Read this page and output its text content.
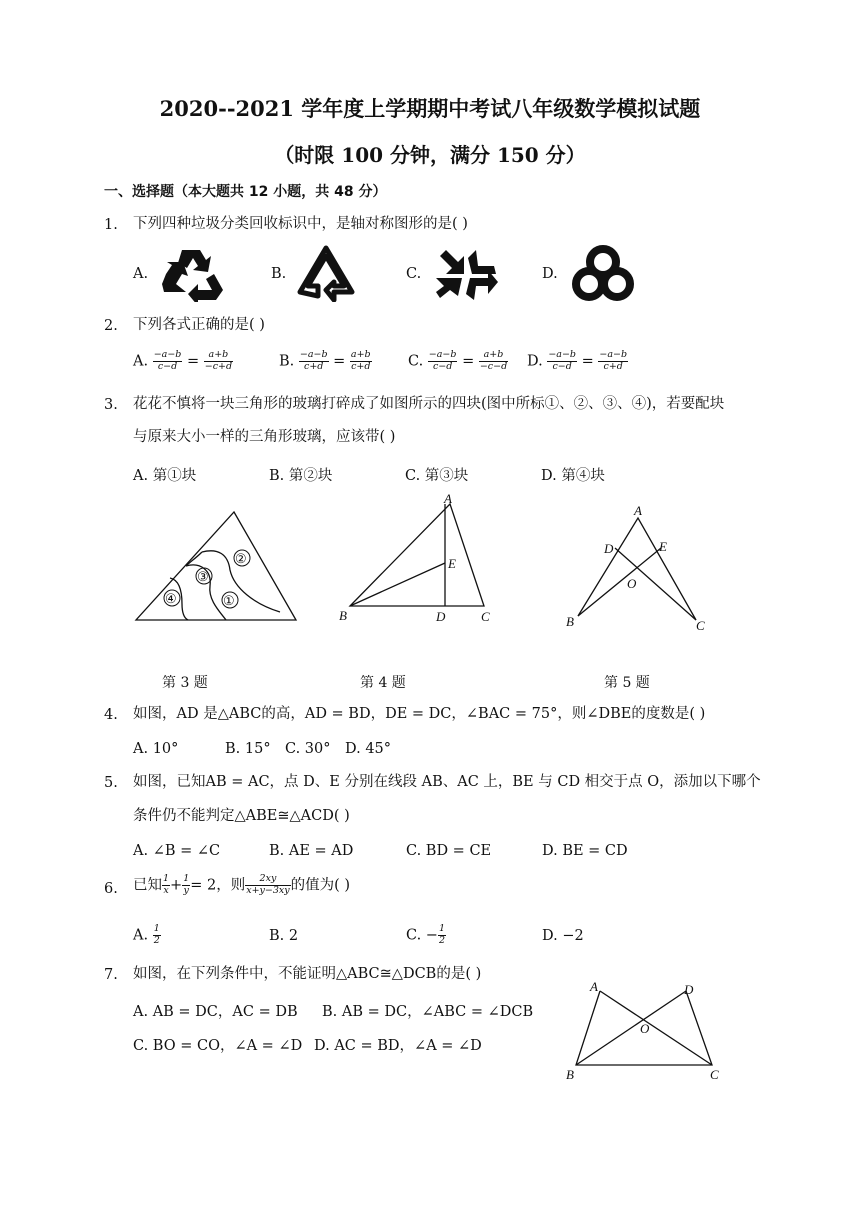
2020--2021 学年度上学期期中考试八年级数学模拟试题
（时限 100 分钟，满分 150 分）
一、选择题（本大题共 12 小题，共 48 分）
1. 下列四种垃圾分类回收标识中，是轴对称图形的是( )
A.	B.	C.	D.
2. 下列各式正确的是( )
A. $\frac{-a-b}{c-d} = \frac{a+b}{-c+d}$	B. $\frac{-a-b}{c+d} = \frac{a+b}{c+d}$	C. $\frac{-a-b}{c-d} = \frac{a+b}{-c-d} D$. $\frac{-a-b}{c-d} = \frac{-a-b}{c+d}$
3. 花花不慎将一块三角形的玻璃打碎成了如图所示的四块(图中所标①、②、③、④)，若要配块
与原来大小一样的三角形玻璃，应该带( )
A. 第①块	B. 第②块	C. 第③块	D. 第④块
②
③
①
④
A
B	C
D
E
A
B	C
D	E
O
第 3 题	第 4 题	第 5 题
4. 如图，AD 是△ABC的高，AD = BD，DE = DC，∠BAC = 75°，则∠DBE的度数是( )
A. 10°	B. 15° C. 30° D. 45°
5. 如图，已知AB = AC，点 D、E 分别在线段 AB、AC 上，BE 与 CD 相交于点 O，添加以下哪个
条件仍不能判定△ABE≅△ACD( )
A. ∠B = ∠C	B. AE = AD	C. BD = CE	D. BE = CD
6. 已知 $\frac{1}{x} + \frac{1}{y} = 2$，则 $\frac{2xy}{x+y-3xy}$ 的值为( )
A. $\frac{1}{2}$	B. 2	C. − $\frac{1}{2}$	D. −2
7. 如图，在下列条件中，不能证明△ABC≅△DCB的是( )
A. AB = DC，AC = DB B. AB = DC，∠ABC = ∠DCB
C. BO = CO，∠A = ∠D D. AC = BD，∠A = ∠D
A
B	C
D
O
